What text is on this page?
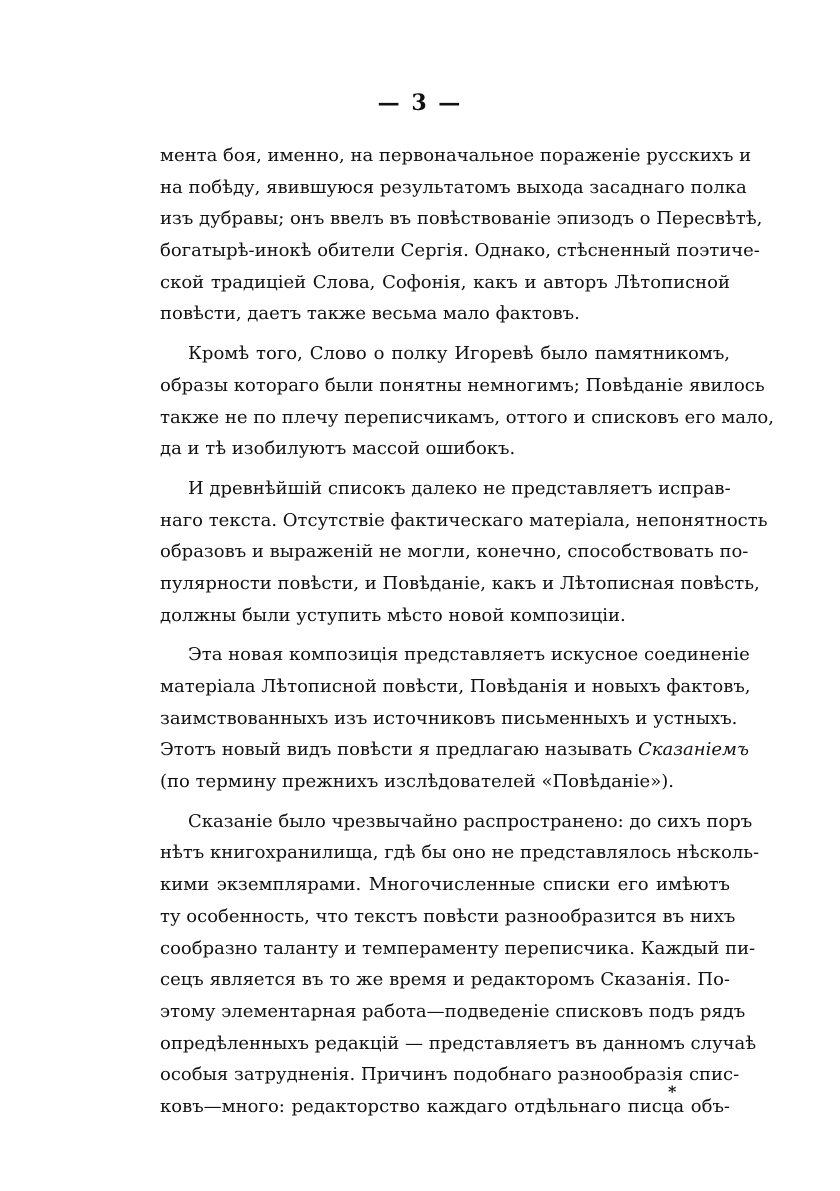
— 3 —
мента боя, именно, на первоначальное пораженіе русскихъ и
на побѣду, явившуюся результатомъ выхода засаднаго полка
изъ дубравы; онъ ввелъ въ повѣствованіе эпизодъ о Пересвѣтѣ,
богатырѣ-инокѣ обители Сергія. Однако, стѣсненный поэтиче-
ской традиціей Слова, Софонія, какъ и авторъ Лѣтописной
повѣсти, даетъ также весьма мало фактовъ.
Кромѣ того, Слово о полку Игоревѣ было памятникомъ,
образы котораго были понятны немногимъ; Повѣданіе явилось
также не по плечу переписчикамъ, оттого и списковъ его мало,
да и тѣ изобилуютъ массой ошибокъ.
И древнѣйшій списокъ далеко не представляетъ исправ-
наго текста. Отсутствіе фактическаго матеріала, непонятность
образовъ и выраженій не могли, конечно, способствовать по-
пулярности повѣсти, и Повѣданіе, какъ и Лѣтописная повѣсть,
должны были уступить мѣсто новой композиціи.
Эта новая композиція представляетъ искусное соединеніе
матеріала Лѣтописной повѣсти, Повѣданія и новыхъ фактовъ,
заимствованныхъ изъ источниковъ письменныхъ и устныхъ.
Этотъ новый видъ повѣсти я предлагаю называть Сказаніемъ
(по термину прежнихъ изслѣдователей «Повѣданіе»).
Сказаніе было чрезвычайно распространено: до сихъ поръ
нѣтъ книгохранилища, гдѣ бы оно не представлялось нѣсколь-
кими экземплярами. Многочисленные списки его имѣютъ
ту особенность, что текстъ повѣсти разнообразится въ нихъ
сообразно таланту и темпераменту переписчика. Каждый пи-
сецъ является въ то же время и редакторомъ Сказанія. По-
этому элементарная работа—подведеніе списковъ подъ рядъ
опредѣленныхъ редакцій — представляетъ въ данномъ случаѣ
особыя затрудненія. Причинъ подобнаго разнообразія спис-
ковъ—много: редакторство каждаго отдѣльнаго писца объ-
*
